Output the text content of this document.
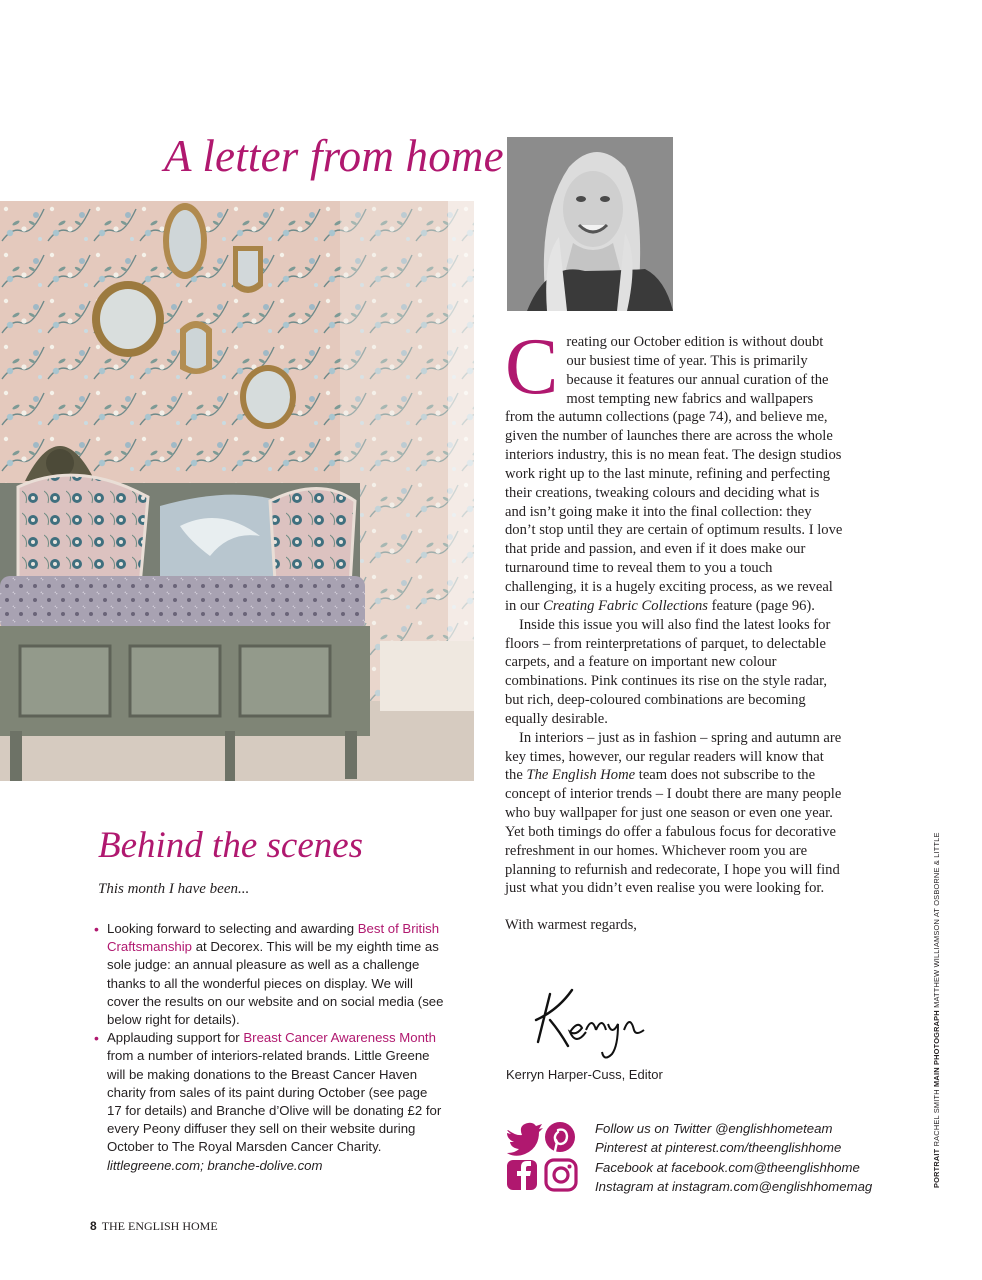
A letter from home

Creating our October edition is without doubt our busiest time of year. This is primarily because it features our annual curation of the most tempting new fabrics and wallpapers from the autumn collections (page 74), and believe me, given the number of launches there are across the whole interiors industry, this is no mean feat. The design studios work right up to the last minute, refining and perfecting their creations, tweaking colours and deciding what is and isn’t going make it into the final collection: they don’t stop until they are certain of optimum results. I love that pride and passion, and even if it does make our turnaround time to reveal them to you a touch challenging, it is a hugely exciting process, as we reveal in our Creating Fabric Collections feature (page 96).

Inside this issue you will also find the latest looks for floors – from reinterpretations of parquet, to delectable carpets, and a feature on important new colour combinations. Pink continues its rise on the style radar, but rich, deep-coloured combinations are becoming equally desirable.

In interiors – just as in fashion – spring and autumn are key times, however, our regular readers will know that the The English Home team does not subscribe to the concept of interior trends – I doubt there are many people who buy wallpaper for just one season or even one year. Yet both timings do offer a fabulous focus for decorative refreshment in our homes. Whichever room you are planning to refurnish and redecorate, I hope you will find just what you didn’t even realise you were looking for.

With warmest regards,

Kerryn Harper-Cuss, Editor
Behind the scenes
This month I have been...
• Looking forward to selecting and awarding Best of British Craftsmanship at Decorex. This will be my eighth time as sole judge: an annual pleasure as well as a challenge thanks to all the wonderful pieces on display. We will cover the results on our website and on social media (see below right for details).
• Applauding support for Breast Cancer Awareness Month from a number of interiors-related brands. Little Greene will be making donations to the Breast Cancer Haven charity from sales of its paint during October (see page 17 for details) and Branche d’Olive will be donating £2 for every Peony diffuser they sell on their website during October to The Royal Marsden Cancer Charity. littlegreene.com; branche-dolive.com
Follow us on Twitter @englishhometeam
Pinterest at pinterest.com/theenglishhome
Facebook at facebook.com@theenglishhome
Instagram at instagram.com@englishhomemag	PORTRAIT RACHEL SMITH MAIN PHOTOGRAPH MATTHEW WILLIAMSON AT OSBORNE & LITTLE
8 THE ENGLISH HOME
